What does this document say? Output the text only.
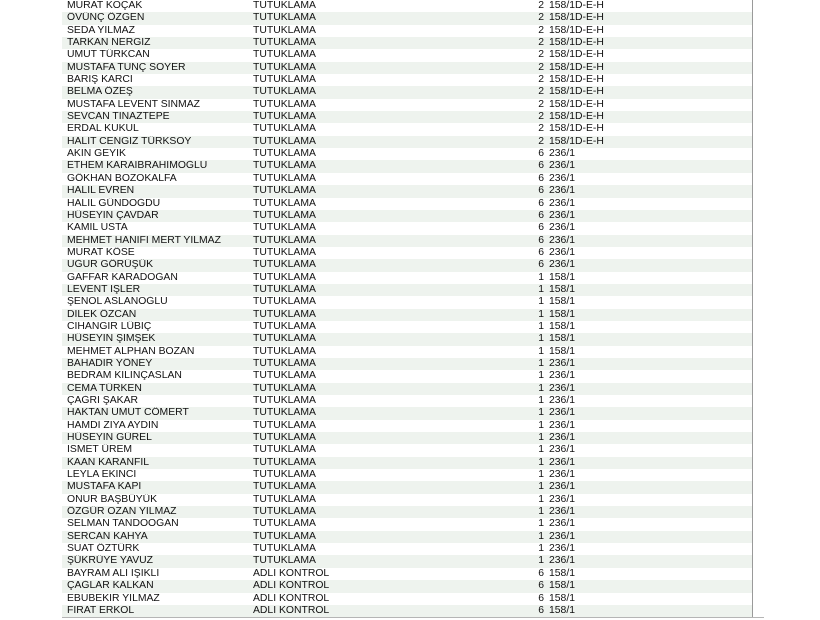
MURAT KOÇAK	TUTUKLAMA	2 158/1D-E-H
ÖVÜNÇ ÖZGEN	TUTUKLAMA	2 158/1D-E-H
SEDA YILMAZ	TUTUKLAMA	2 158/1D-E-H
TARKAN NERGİZ	TUTUKLAMA	2 158/1D-E-H
UMUT TÜRKCAN	TUTUKLAMA	2 158/1D-E-H
MUSTAFA TUNÇ SOYER	TUTUKLAMA	2 158/1D-E-H
BARIŞ KARCI	TUTUKLAMA	2 158/1D-E-H
BELMA ÖZEŞ	TUTUKLAMA	2 158/1D-E-H
MUSTAFA LEVENT SINMAZ	TUTUKLAMA	2 158/1D-E-H
SEVCAN TINAZTEPE	TUTUKLAMA	2 158/1D-E-H
ERDAL KUKUL	TUTUKLAMA	2 158/1D-E-H
HALİT CENGİZ TÜRKSOY	TUTUKLAMA	2 158/1D-E-H
AKIN GEYİK	TUTUKLAMA	6 236/1
ETHEM KARAİBRAHİMOĞLU	TUTUKLAMA	6 236/1
GÖKHAN BOZOKALFA	TUTUKLAMA	6 236/1
HALİL EVREN	TUTUKLAMA	6 236/1
HALİL GÜNDOĞDU	TUTUKLAMA	6 236/1
HÜSEYİN ÇAVDAR	TUTUKLAMA	6 236/1
KAMİL USTA	TUTUKLAMA	6 236/1
MEHMET HANİFİ MERT YILMAZ	TUTUKLAMA	6 236/1
MURAT KÖSE	TUTUKLAMA	6 236/1
UĞUR GÖRÜŞÜK	TUTUKLAMA	6 236/1
GAFFAR KARADOĞAN	TUTUKLAMA	1 158/1
LEVENT İŞLER	TUTUKLAMA	1 158/1
ŞENOL ASLANOĞLU	TUTUKLAMA	1 158/1
DİLEK ÖZCAN	TUTUKLAMA	1 158/1
CİHANGİR LÜBİÇ	TUTUKLAMA	1 158/1
HÜSEYİN ŞİMŞEK	TUTUKLAMA	1 158/1
MEHMET ALPHAN BOZAN	TUTUKLAMA	1 158/1
BAHADIR YÖNEY	TUTUKLAMA	1 236/1
BEDRAM KILINÇASLAN	TUTUKLAMA	1 236/1
CEMA TÜRKEN	TUTUKLAMA	1 236/1
ÇAĞRI ŞAKAR	TUTUKLAMA	1 236/1
HAKTAN UMUT CÖMERT	TUTUKLAMA	1 236/1
HAMDİ ZİYA AYDIN	TUTUKLAMA	1 236/1
HÜSEYİN GÜREL	TUTUKLAMA	1 236/1
İSMET ÜREM	TUTUKLAMA	1 236/1
KAAN KARANFİL	TUTUKLAMA	1 236/1
LEYLA EKİNCİ	TUTUKLAMA	1 236/1
MUSTAFA KAPI	TUTUKLAMA	1 236/1
ONUR BAŞBÜYÜK	TUTUKLAMA	1 236/1
ÖZGÜR OZAN YILMAZ	TUTUKLAMA	1 236/1
SELMAN TANDOOĞAN	TUTUKLAMA	1 236/1
SERCAN KAHYA	TUTUKLAMA	1 236/1
SUAT ÖZTÜRK	TUTUKLAMA	1 236/1
ŞÜKRÜYE YAVUZ	TUTUKLAMA	1 236/1
BAYRAM ALİ IŞIKLI	ADLİ KONTROL	6 158/1
ÇAĞLAR KALKAN	ADLİ KONTROL	6 158/1
EBUBEKİR YILMAZ	ADLİ KONTROL	6 158/1
FIRAT ERKOL	ADLİ KONTROL	6 158/1
